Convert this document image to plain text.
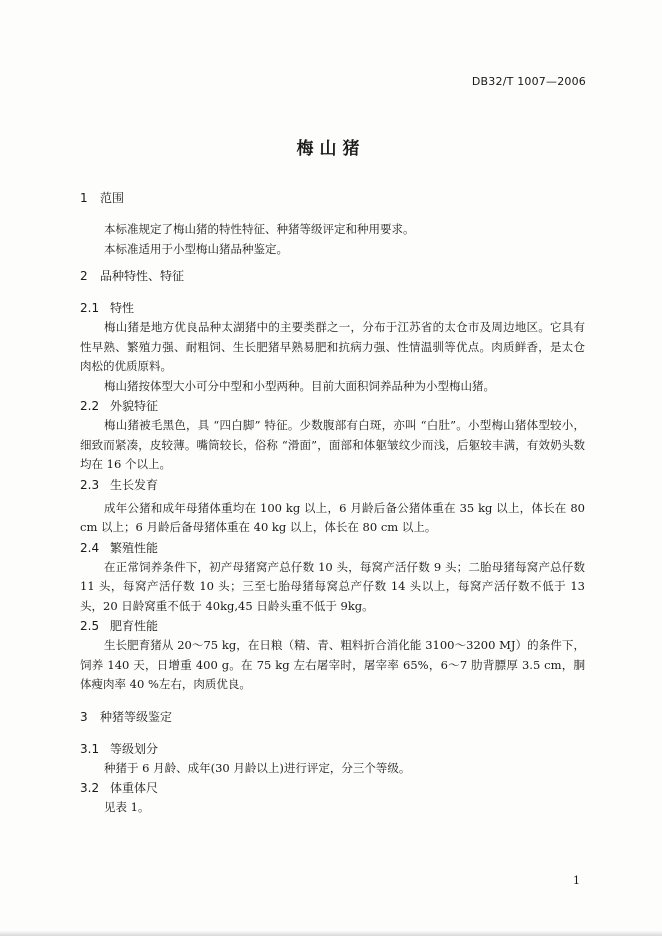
DB32/T 1007—2006
梅山猪
1 范围

本标准规定了梅山猪的特性特征、种猪等级评定和种用要求。

本标准适用于小型梅山猪品种鉴定。

2 品种特性、特征
2.1 特性

梅山猪是地方优良品种太湖猪中的主要类群之一，分布于江苏省的太仓市及周边地区。它具有性早熟、繁殖力强、耐粗饲、生长肥猪早熟易肥和抗病力强、性情温驯等优点。肉质鲜香，是太仓肉松的优质原料。

梅山猪按体型大小可分中型和小型两种。目前大面积饲养品种为小型梅山猪。

2.2 外貌特征

梅山猪被毛黑色，具 “四白脚” 特征。少数腹部有白斑，亦叫 “白肚”。小型梅山猪体型较小，细致而紧凑，皮较薄。嘴筒较长，俗称 “滑面”，面部和体躯皱纹少而浅，后躯较丰满，有效奶头数均在 16 个以上。

2.3 生长发育

成年公猪和成年母猪体重均在 100 kg 以上，6 月龄后备公猪体重在 35 kg 以上，体长在 80 cm 以上；6 月龄后备母猪体重在 40 kg 以上，体长在 80 cm 以上。

2.4 繁殖性能

在正常饲养条件下，初产母猪窝产总仔数 10 头，每窝产活仔数 9 头；二胎母猪每窝产总仔数 11 头，每窝产活仔数 10 头；三至七胎母猪每窝总产仔数 14 头以上，每窝产活仔数不低于 13 头，20 日龄窝重不低于 40kg,45 日龄头重不低于 9kg。

2.5 肥育性能

生长肥育猪从 20～75 kg，在日粮（精、青、粗料折合消化能 3100～3200 MJ）的条件下，饲养 140 天，日增重 400 g。在 75 kg 左右屠宰时，屠宰率 65%，6～7 肋背膘厚 3.5 cm，胴体瘦肉率 40 %左右，肉质优良。

3 种猪等级鉴定
3.1 等级划分

种猪于 6 月龄、成年(30 月龄以上)进行评定，分三个等级。

3.2 体重体尺

见表 1。

1
